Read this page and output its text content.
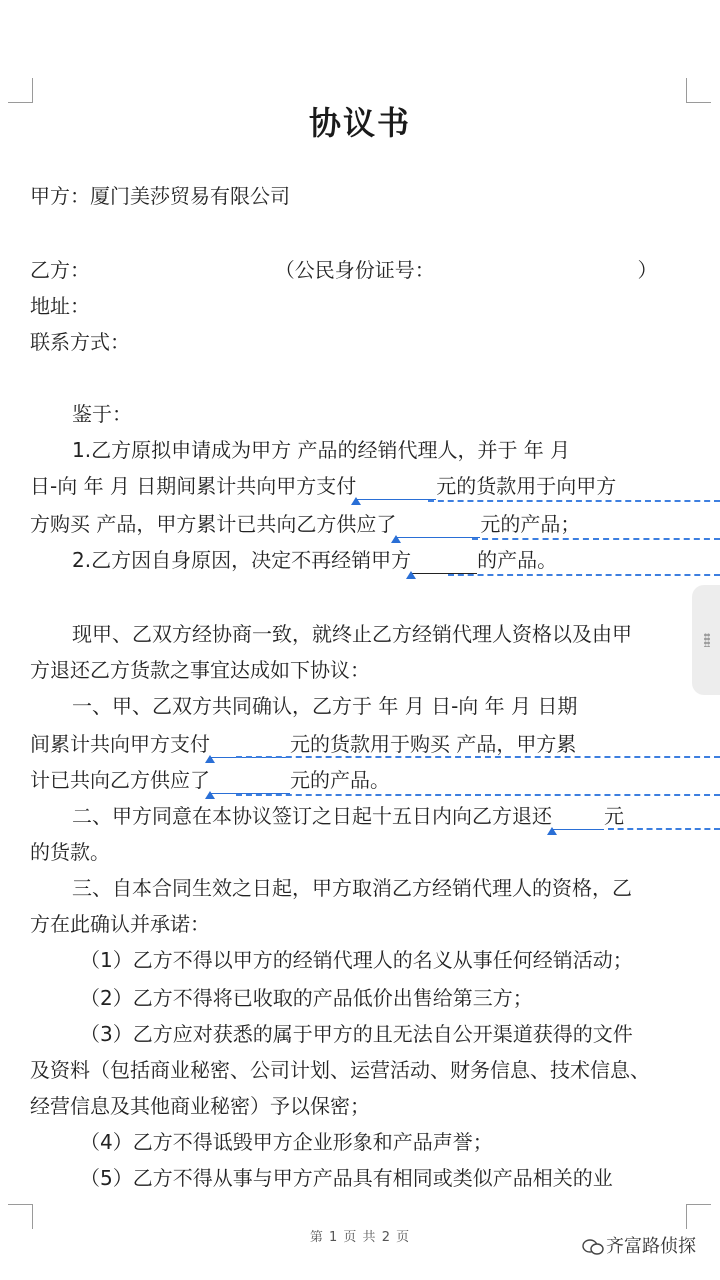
协议书
甲方：厦门美莎贸易有限公司
乙方：	（公民身份证号：	）
地址：
联系方式：
鉴于：
1.乙方原拟申请成为甲方 产品的经销代理人，并于 年 月
日-向 年 月 日期间累计共向甲方支付	元的货款用于向甲方
方购买 产品，甲方累计已共向乙方供应了	元的产品；
2.乙方因自身原因，决定不再经销甲方	的产品。
现甲、乙双方经协商一致，就终止乙方经销代理人资格以及由甲
方退还乙方货款之事宜达成如下协议：
一、甲、乙双方共同确认，乙方于 年 月 日-向 年 月 日期
间累计共向甲方支付	元的货款用于购买 产品，甲方累
计已共向乙方供应了	元的产品。
二、甲方同意在本协议签订之日起十五日内向乙方退还	元
的货款。
三、自本合同生效之日起，甲方取消乙方经销代理人的资格，乙
方在此确认并承诺：
（1）乙方不得以甲方的经销代理人的名义从事任何经销活动；
（2）乙方不得将已收取的产品低价出售给第三方；
（3）乙方应对获悉的属于甲方的且无法自公开渠道获得的文件
及资料（包括商业秘密、公司计划、运营活动、财务信息、技术信息、
经营信息及其他商业秘密）予以保密；
（4）乙方不得诋毁甲方企业形象和产品声誉；
（5）乙方不得从事与甲方产品具有相同或类似产品相关的业
第 1 页 共 2 页	齐富路侦探
